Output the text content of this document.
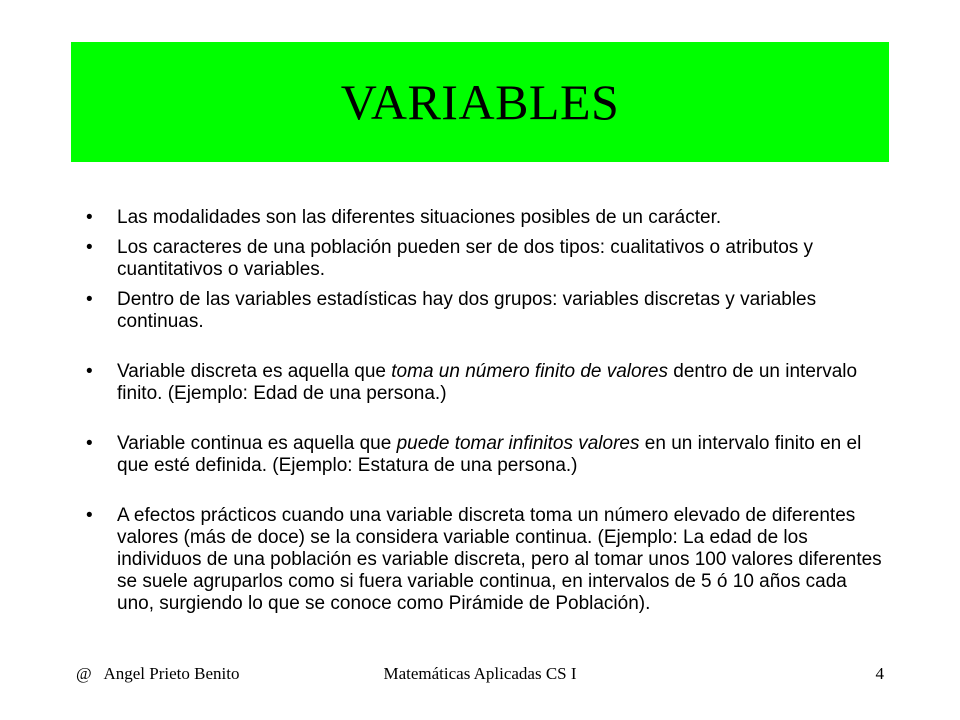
VARIABLES
• Las modalidades son las diferentes situaciones posibles de un carácter.
• Los caracteres de una población pueden ser de dos tipos: cualitativos o atributos y cuantitativos o variables.
• Dentro de las variables estadísticas hay dos grupos: variables discretas y variables continuas.
• Variable discreta es aquella que toma un número finito de valores dentro de un intervalo finito. (Ejemplo: Edad de una persona.)
• Variable continua es aquella que puede tomar infinitos valores en un intervalo finito en el que esté definida. (Ejemplo: Estatura de una persona.)
• A efectos prácticos cuando una variable discreta toma un número elevado de diferentes valores (más de doce) se la considera variable continua. (Ejemplo: La edad de los individuos de una población es variable discreta, pero al tomar unos 100 valores diferentes se suele agruparlos como si fuera variable continua, en intervalos de 5 ó 10 años cada uno, surgiendo lo que se conoce como Pirámide de Población).
@   Angel Prieto Benito	Matemáticas Aplicadas CS I	4
